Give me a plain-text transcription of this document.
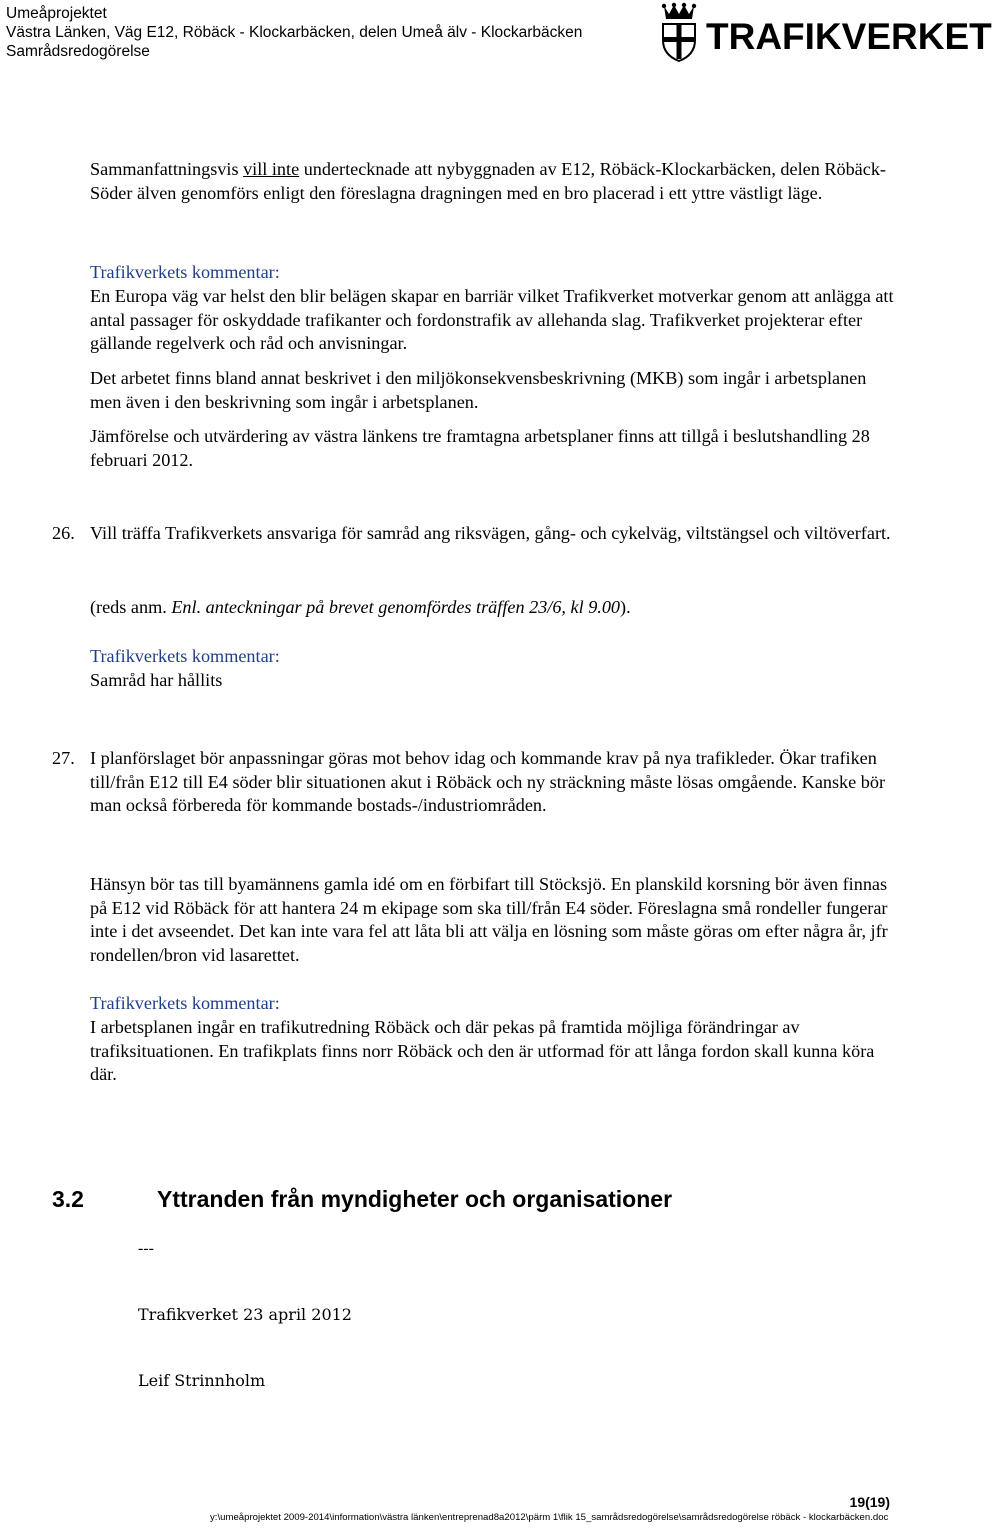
Umeåprojektet
Västra Länken, Väg E12, Röbäck - Klockarbäcken, delen Umeå älv - Klockarbäcken
Samrådsredogörelse	TRAFIKVERKET
Sammanfattningsvis vill inte undertecknade att nybyggnaden av E12, Röbäck-Klockarbäcken, delen Röbäck-Söder älven genomförs enligt den föreslagna dragningen med en bro placerad i ett yttre västligt läge.
Trafikverkets kommentar:
En Europa väg var helst den blir belägen skapar en barriär vilket Trafikverket motverkar genom att anlägga att antal passager för oskyddade trafikanter och fordonstrafik av allehanda slag. Trafikverket projekterar efter gällande regelverk och råd och anvisningar.
Det arbetet finns bland annat beskrivet i den miljökonsekvensbeskrivning (MKB) som ingår i arbetsplanen men även i den beskrivning som ingår i arbetsplanen.
Jämförelse och utvärdering av västra länkens tre framtagna arbetsplaner finns att tillgå i beslutshandling 28 februari 2012.
26. Vill träffa Trafikverkets ansvariga för samråd ang riksvägen, gång- och cykelväg, viltstängsel och viltöverfart.
(reds anm. Enl. anteckningar på brevet genomfördes träffen 23/6, kl 9.00).
Trafikverkets kommentar:
Samråd har hållits
27. I planförslaget bör anpassningar göras mot behov idag och kommande krav på nya trafikleder. Ökar trafiken till/från E12 till E4 söder blir situationen akut i Röbäck och ny sträckning måste lösas omgående. Kanske bör man också förbereda för kommande bostads-/industriområden.
Hänsyn bör tas till byamännens gamla idé om en förbifart till Stöcksjö. En planskild korsning bör även finnas på E12 vid Röbäck för att hantera 24 m ekipage som ska till/från E4 söder. Föreslagna små rondeller fungerar inte i det avseendet. Det kan inte vara fel att låta bli att välja en lösning som måste göras om efter några år, jfr rondellen/bron vid lasarettet.
Trafikverkets kommentar:
I arbetsplanen ingår en trafikutredning Röbäck och där pekas på framtida möjliga förändringar av trafiksituationen. En trafikplats finns norr Röbäck och den är utformad för att långa fordon skall kunna köra där.
3.2	Yttranden från myndigheter och organisationer
---
Trafikverket 23 april 2012
Leif Strinnholm
19(19)
y:\umeåprojektet 2009-2014\information\västra länken\entreprenad8a2012\pärm 1\flik 15_samrådsredogörelse\samrådsredogörelse röbäck - klockarbäcken.doc
